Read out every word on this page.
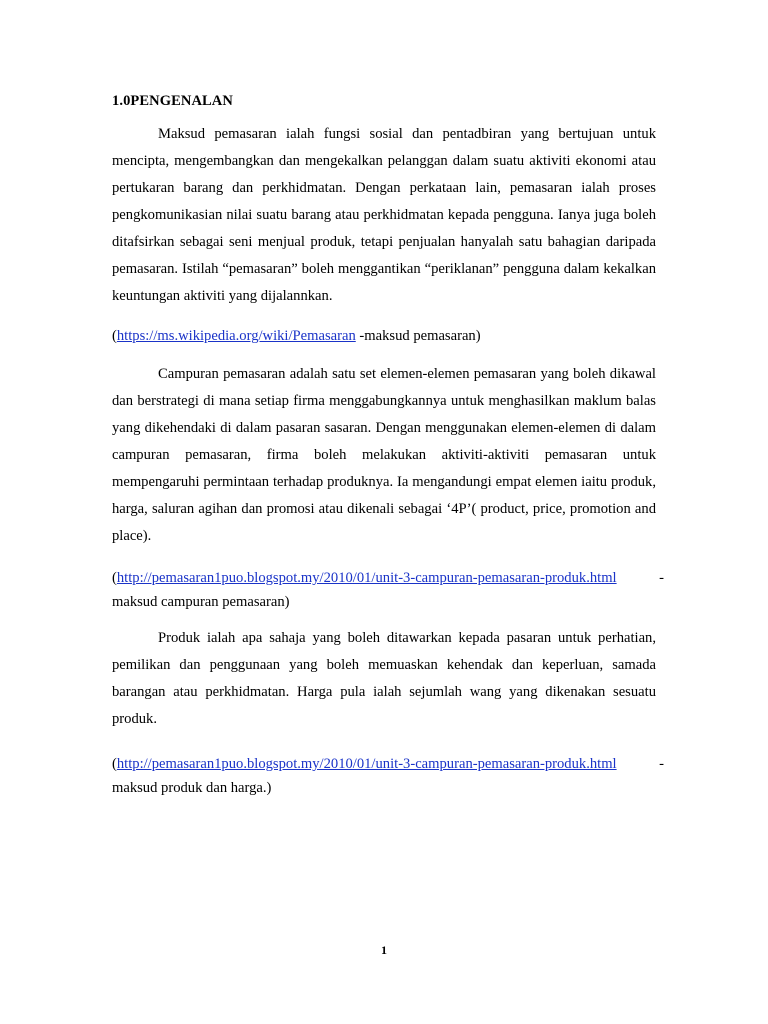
1.0PENGENALAN

Maksud pemasaran ialah fungsi sosial dan pentadbiran yang bertujuan untuk mencipta, mengembangkan dan mengekalkan pelanggan dalam suatu aktiviti ekonomi atau pertukaran barang dan perkhidmatan. Dengan perkataan lain, pemasaran ialah proses pengkomunikasian nilai suatu barang atau perkhidmatan kepada pengguna. Ianya juga boleh ditafsirkan sebagai seni menjual produk, tetapi penjualan hanyalah satu bahagian daripada pemasaran. Istilah “pemasaran” boleh menggantikan “periklanan” pengguna dalam kekalkan keuntungan aktiviti yang dijalannkan.

(https://ms.wikipedia.org/wiki/Pemasaran -maksud pemasaran)

Campuran pemasaran adalah satu set elemen-elemen pemasaran yang boleh dikawal dan berstrategi di mana setiap firma menggabungkannya untuk menghasilkan maklum balas yang dikehendaki di dalam pasaran sasaran. Dengan menggunakan elemen-elemen di dalam campuran pemasaran, firma boleh melakukan aktiviti-aktiviti pemasaran untuk mempengaruhi permintaan terhadap produknya. Ia mengandungi empat elemen iaitu produk, harga, saluran agihan dan promosi atau dikenali sebagai ‘4P’( product, price, promotion and place).

(http://pemasaran1puo.blogspot.my/2010/01/unit-3-campuran-pemasaran-produk.html - maksud campuran pemasaran)

Produk ialah apa sahaja yang boleh ditawarkan kepada pasaran untuk perhatian, pemilikan dan penggunaan yang boleh memuaskan kehendak dan keperluan, samada barangan atau perkhidmatan. Harga pula ialah sejumlah wang yang dikenakan sesuatu produk.

(http://pemasaran1puo.blogspot.my/2010/01/unit-3-campuran-pemasaran-produk.html - maksud produk dan harga.)

1
